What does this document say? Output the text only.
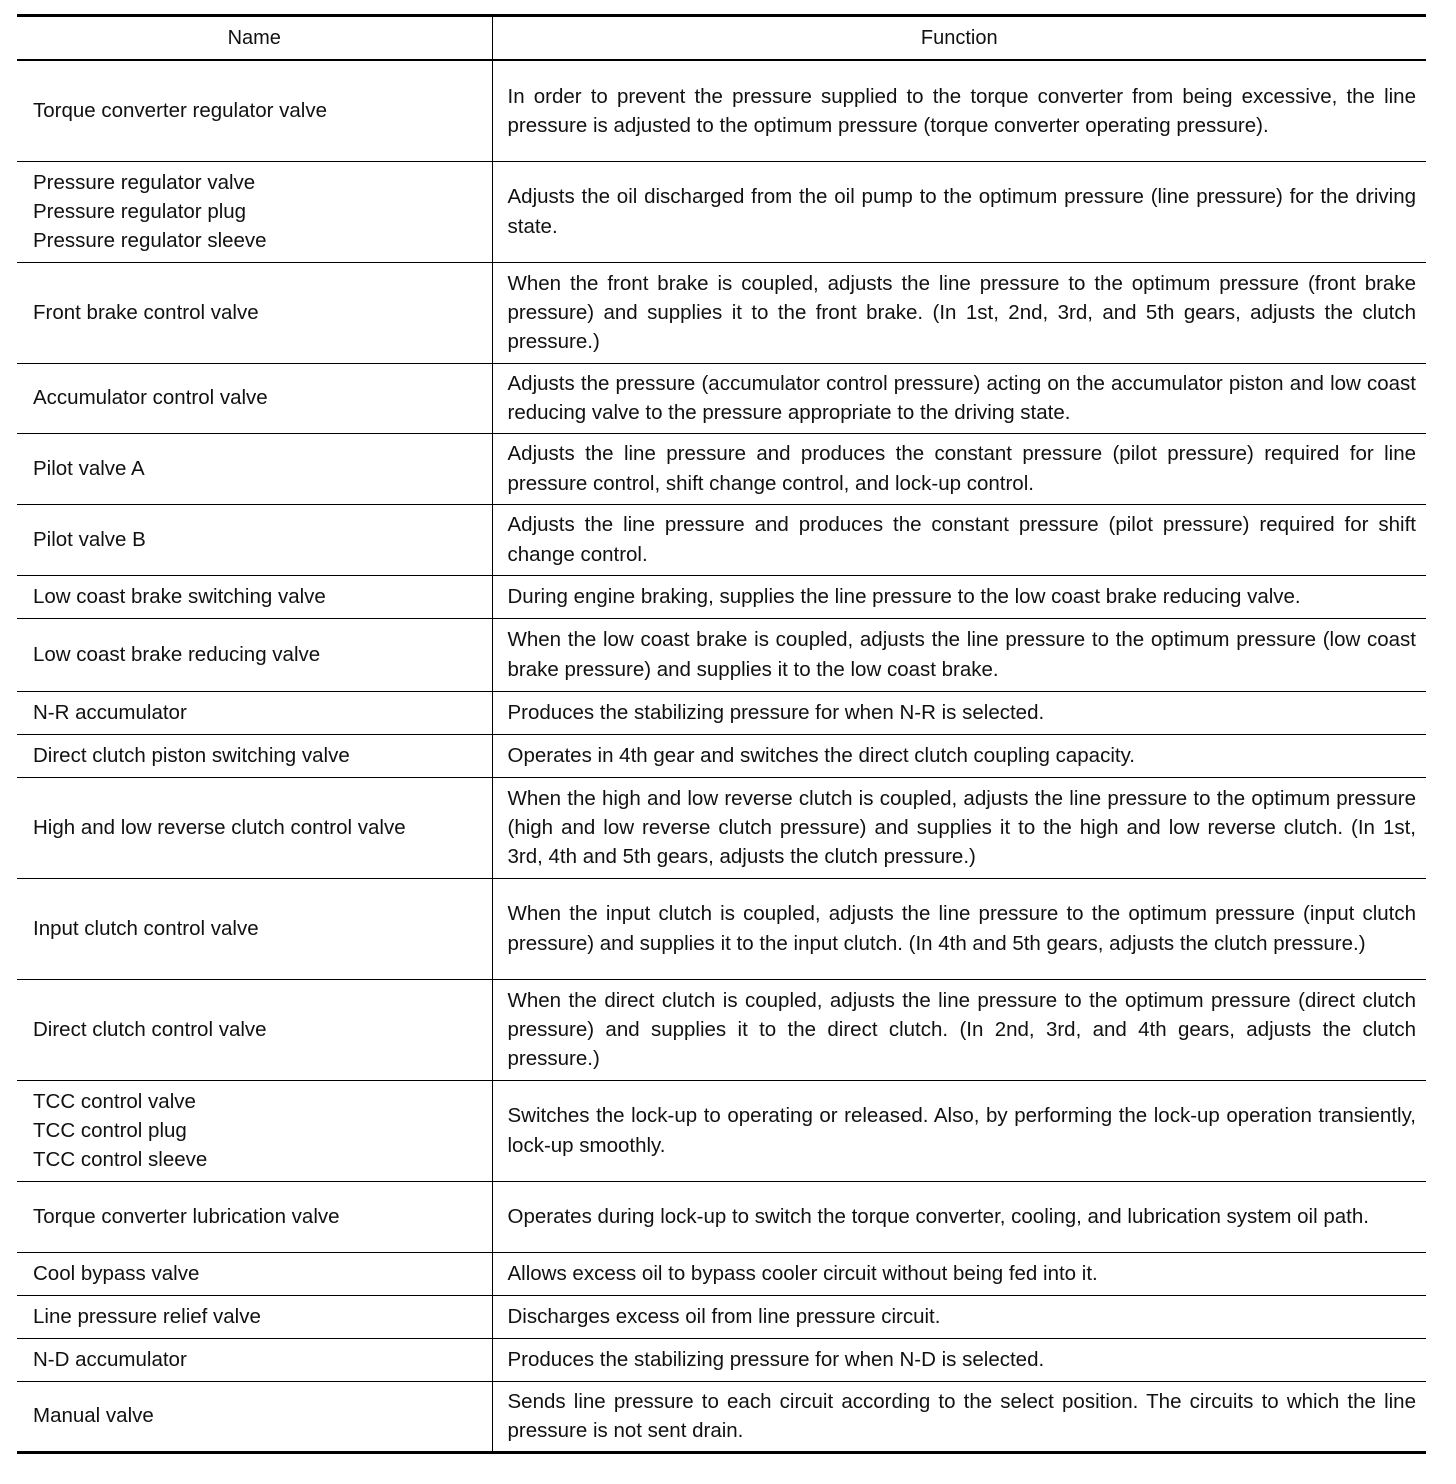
Name	Function

Torque converter regulator valve	In order to prevent the pressure supplied to the torque converter from being excessive, the line pressure is adjusted to the optimum pressure (torque converter operating pressure).

Pressure regulator valve
Pressure regulator plug
Pressure regulator sleeve	Adjusts the oil discharged from the oil pump to the optimum pressure (line pressure) for the driving state.

Front brake control valve	When the front brake is coupled, adjusts the line pressure to the optimum pressure (front brake pressure) and supplies it to the front brake. (In 1st, 2nd, 3rd, and 5th gears, adjusts the clutch pressure.)

Accumulator control valve	Adjusts the pressure (accumulator control pressure) acting on the accumulator piston and low coast reducing valve to the pressure appropriate to the driving state.

Pilot valve A	Adjusts the line pressure and produces the constant pressure (pilot pressure) required for line pressure control, shift change control, and lock-up control.

Pilot valve B	Adjusts the line pressure and produces the constant pressure (pilot pressure) required for shift change control.

Low coast brake switching valve	During engine braking, supplies the line pressure to the low coast brake reducing valve.

Low coast brake reducing valve	When the low coast brake is coupled, adjusts the line pressure to the optimum pressure (low coast brake pressure) and supplies it to the low coast brake.

N-R accumulator	Produces the stabilizing pressure for when N-R is selected.

Direct clutch piston switching valve	Operates in 4th gear and switches the direct clutch coupling capacity.

High and low reverse clutch control valve	When the high and low reverse clutch is coupled, adjusts the line pressure to the optimum pressure (high and low reverse clutch pressure) and supplies it to the high and low reverse clutch. (In 1st, 3rd, 4th and 5th gears, adjusts the clutch pressure.)

Input clutch control valve	When the input clutch is coupled, adjusts the line pressure to the optimum pressure (input clutch pressure) and supplies it to the input clutch. (In 4th and 5th gears, adjusts the clutch pressure.)

Direct clutch control valve	When the direct clutch is coupled, adjusts the line pressure to the optimum pressure (direct clutch pressure) and supplies it to the direct clutch. (In 2nd, 3rd, and 4th gears, adjusts the clutch pressure.)

TCC control valve
TCC control plug
TCC control sleeve	Switches the lock-up to operating or released. Also, by performing the lock-up operation transiently, lock-up smoothly.

Torque converter lubrication valve	Operates during lock-up to switch the torque converter, cooling, and lubrication system oil path.

Cool bypass valve	Allows excess oil to bypass cooler circuit without being fed into it.

Line pressure relief valve	Discharges excess oil from line pressure circuit.

N-D accumulator	Produces the stabilizing pressure for when N-D is selected.

Manual valve	Sends line pressure to each circuit according to the select position. The circuits to which the line pressure is not sent drain.
